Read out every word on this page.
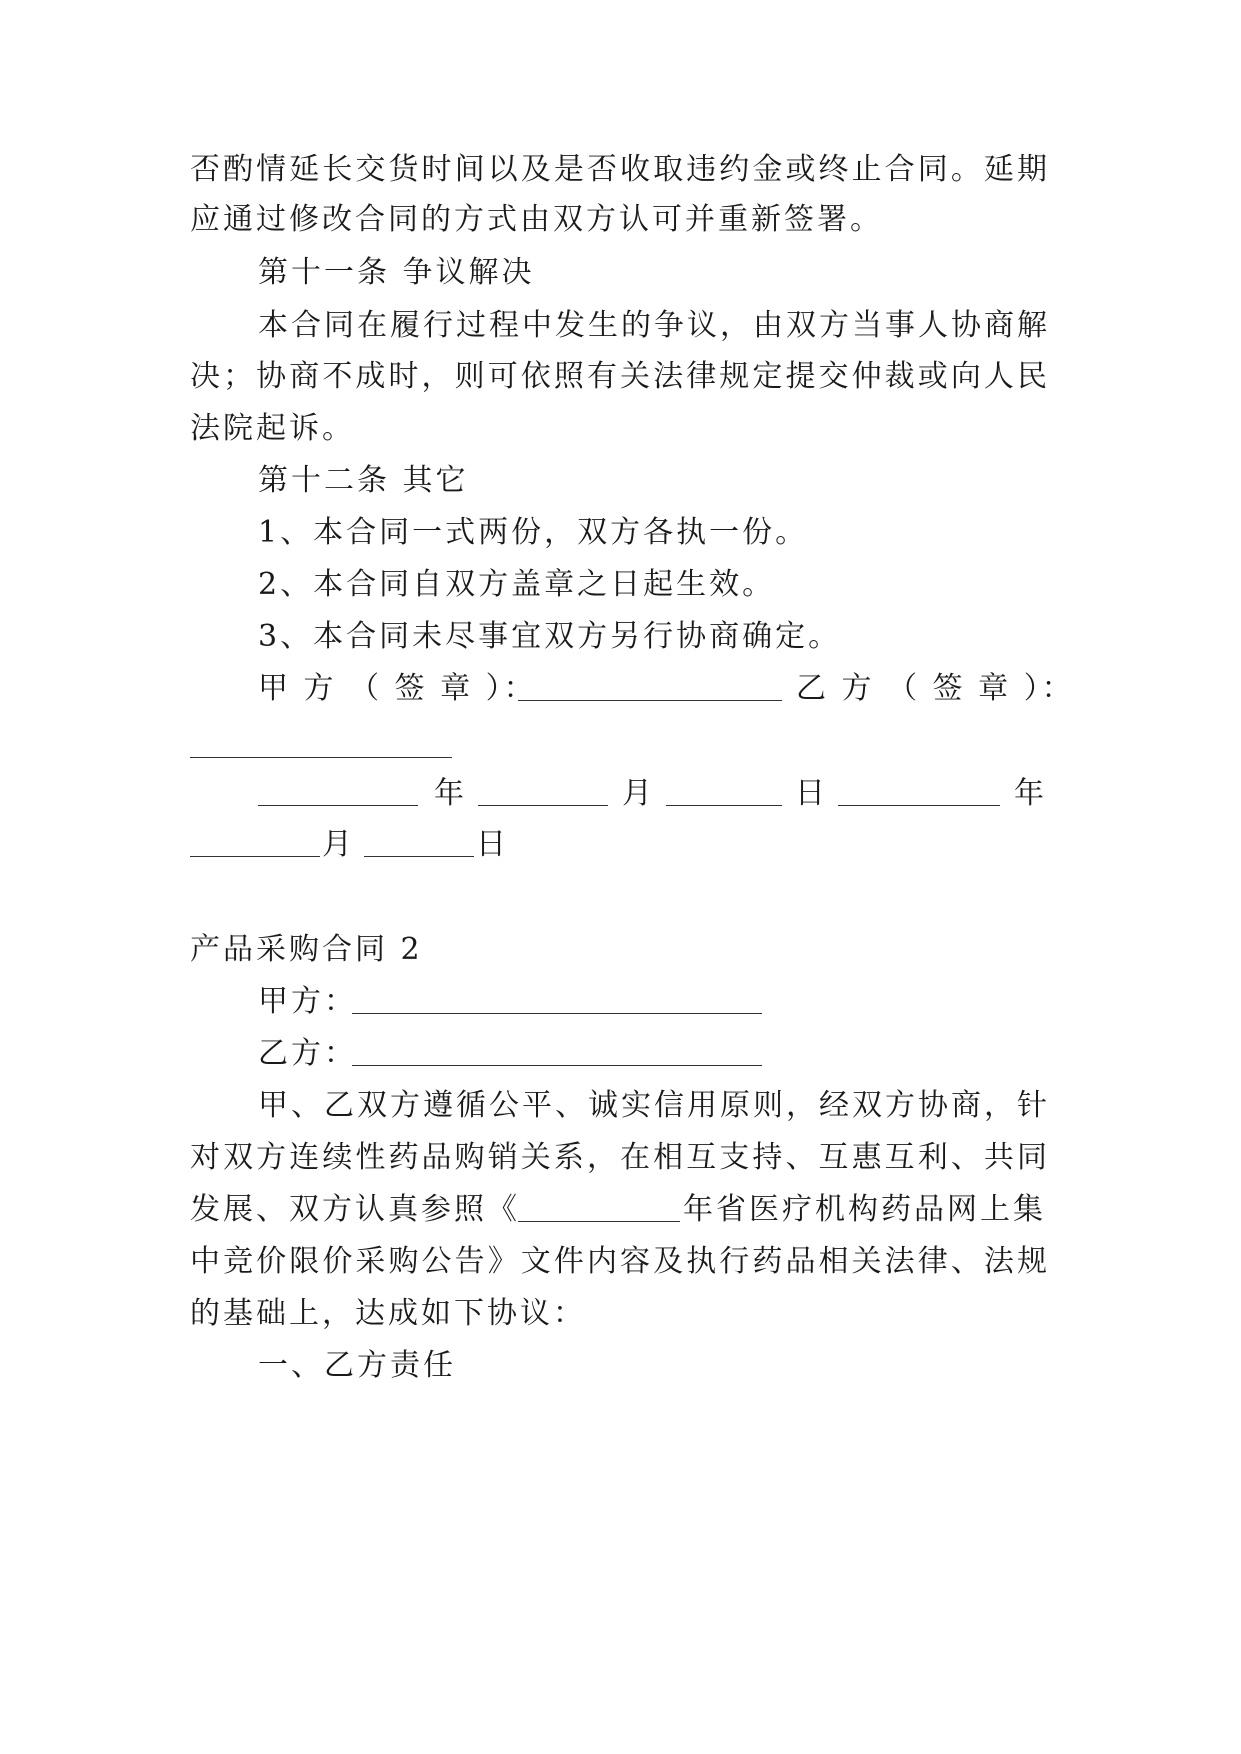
否酌情延长交货时间以及是否收取违约金或终止合同。延期
应通过修改合同的方式由双方认可并重新签署。
第十一条 争议解决
本合同在履行过程中发生的争议，由双方当事人协商解
决；协商不成时，则可依照有关法律规定提交仲裁或向人民
法院起诉。
第十二条 其它
1、本合同一式两份，双方各执一份。
2、本合同自双方盖章之日起生效。
3、本合同未尽事宜双方另行协商确定。
甲 方 （ 签 章 ）：	乙 方 （ 签 章 ）：
年	月	日	年
月	日
产品采购合同 2
甲方：
乙方：
甲、乙双方遵循公平、诚实信用原则，经双方协商，针
对双方连续性药品购销关系，在相互支持、互惠互利、共同
发展、双方认真参照《	年省医疗机构药品网上集
中竞价限价采购公告》文件内容及执行药品相关法律、法规
的基础上，达成如下协议：
一、乙方责任
